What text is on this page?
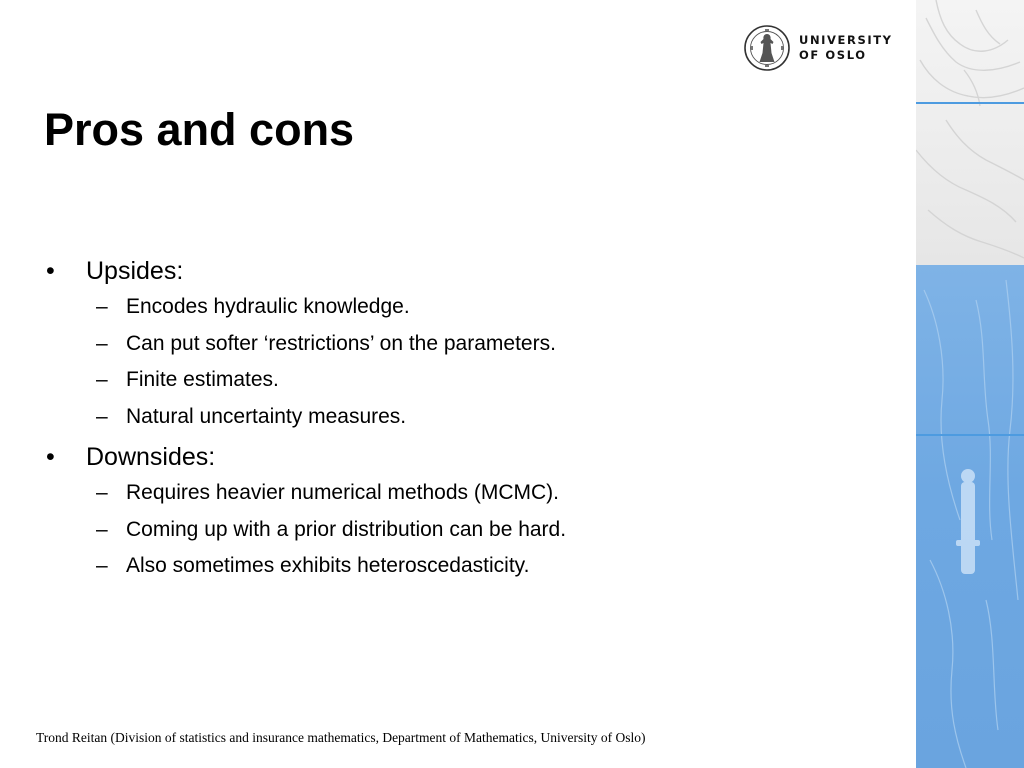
UNIVERSITY
OF OSLO
Pros and cons
•	Upsides:
– Encodes hydraulic knowledge.
– Can put softer ‘restrictions’ on the parameters.
– Finite estimates.
– Natural uncertainty measures.
•	Downsides:
– Requires heavier numerical methods (MCMC).
– Coming up with a prior distribution can be hard.
– Also sometimes exhibits heteroscedasticity.
Trond Reitan (Division of statistics and insurance mathematics, Department of Mathematics, University of Oslo)
